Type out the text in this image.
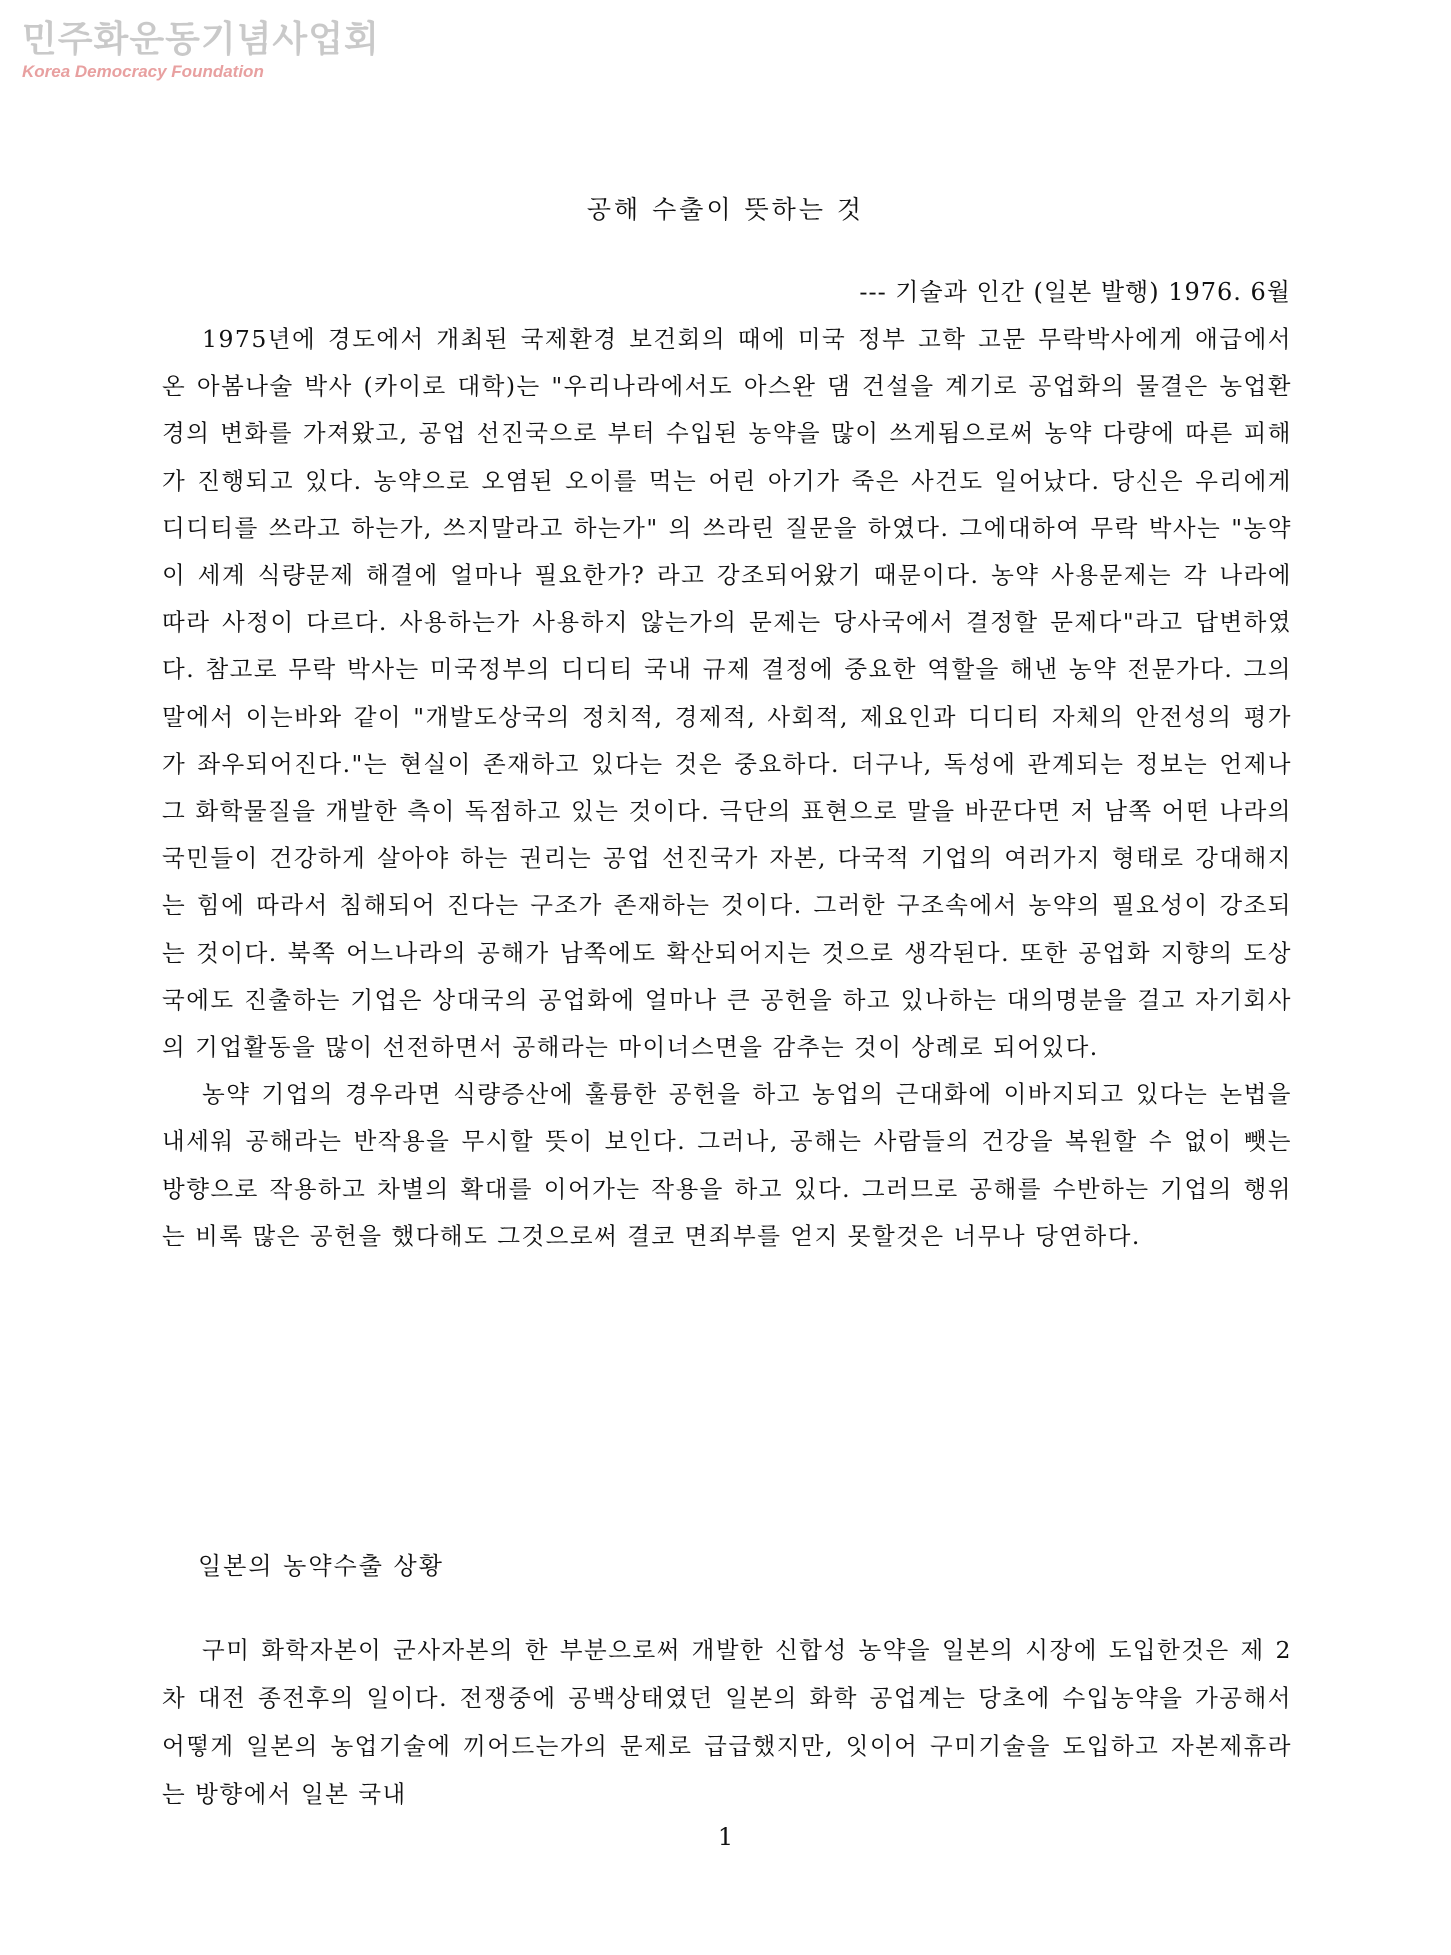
민주화운동기념사업회
Korea Democracy Foundation
공해 수출이 뜻하는 것
--- 기술과 인간 (일본 발행) 1976. 6월

1975년에 경도에서 개최된 국제환경 보건회의 때에 미국 정부 고학 고문 무락박사에게 애급에서 온 아봄나술 박사 (카이로 대학)는 "우리나라에서도 아스완 댐 건설을 계기로 공업화의 물결은 농업환경의 변화를 가져왔고, 공업 선진국으로 부터 수입된 농약을 많이 쓰게됨으로써 농약 다량에 따른 피해가 진행되고 있다. 농약으로 오염된 오이를 먹는 어린 아기가 죽은 사건도 일어났다. 당신은 우리에게 디디티를 쓰라고 하는가, 쓰지말라고 하는가" 의 쓰라린 질문을 하였다. 그에대하여 무락 박사는 "농약이 세계 식량문제 해결에 얼마나 필요한가? 라고 강조되어왔기 때문이다. 농약 사용문제는 각 나라에 따라 사정이 다르다. 사용하는가 사용하지 않는가의 문제는 당사국에서 결정할 문제다"라고 답변하였다. 참고로 무락 박사는 미국정부의 디디티 국내 규제 결정에 중요한 역할을 해낸 농약 전문가다. 그의 말에서 이는바와 같이 "개발도상국의 정치적, 경제적, 사회적, 제요인과 디디티 자체의 안전성의 평가가 좌우되어진다."는 현실이 존재하고 있다는 것은 중요하다. 더구나, 독성에 관계되는 정보는 언제나 그 화학물질을 개발한 측이 독점하고 있는 것이다. 극단의 표현으로 말을 바꾼다면 저 남쪽 어떤 나라의 국민들이 건강하게 살아야 하는 권리는 공업 선진국가 자본, 다국적 기업의 여러가지 형태로 강대해지는 힘에 따라서 침해되어 진다는 구조가 존재하는 것이다. 그러한 구조속에서 농약의 필요성이 강조되는 것이다. 북쪽 어느나라의 공해가 남쪽에도 확산되어지는 것으로 생각된다. 또한 공업화 지향의 도상국에도 진출하는 기업은 상대국의 공업화에 얼마나 큰 공헌을 하고 있나하는 대의명분을 걸고 자기회사의 기업활동을 많이 선전하면서 공해라는 마이너스면을 감추는 것이 상례로 되어있다.

농약 기업의 경우라면 식량증산에 훌륭한 공헌을 하고 농업의 근대화에 이바지되고 있다는 논법을 내세워 공해라는 반작용을 무시할 뜻이 보인다. 그러나, 공해는 사람들의 건강을 복원할 수 없이 뺏는 방향으로 작용하고 차별의 확대를 이어가는 작용을 하고 있다. 그러므로 공해를 수반하는 기업의 행위는 비록 많은 공헌을 했다해도 그것으로써 결코 면죄부를 얻지 못할것은 너무나 당연하다.

일본의 농약수출 상황

구미 화학자본이 군사자본의 한 부분으로써 개발한 신합성 농약을 일본의 시장에 도입한것은 제 2차 대전 종전후의 일이다. 전쟁중에 공백상태였던 일본의 화학 공업계는 당초에 수입농약을 가공해서 어떻게 일본의 농업기술에 끼어드는가의 문제로 급급했지만, 잇이어 구미기술을 도입하고 자본제휴라는 방향에서 일본 국내

1
